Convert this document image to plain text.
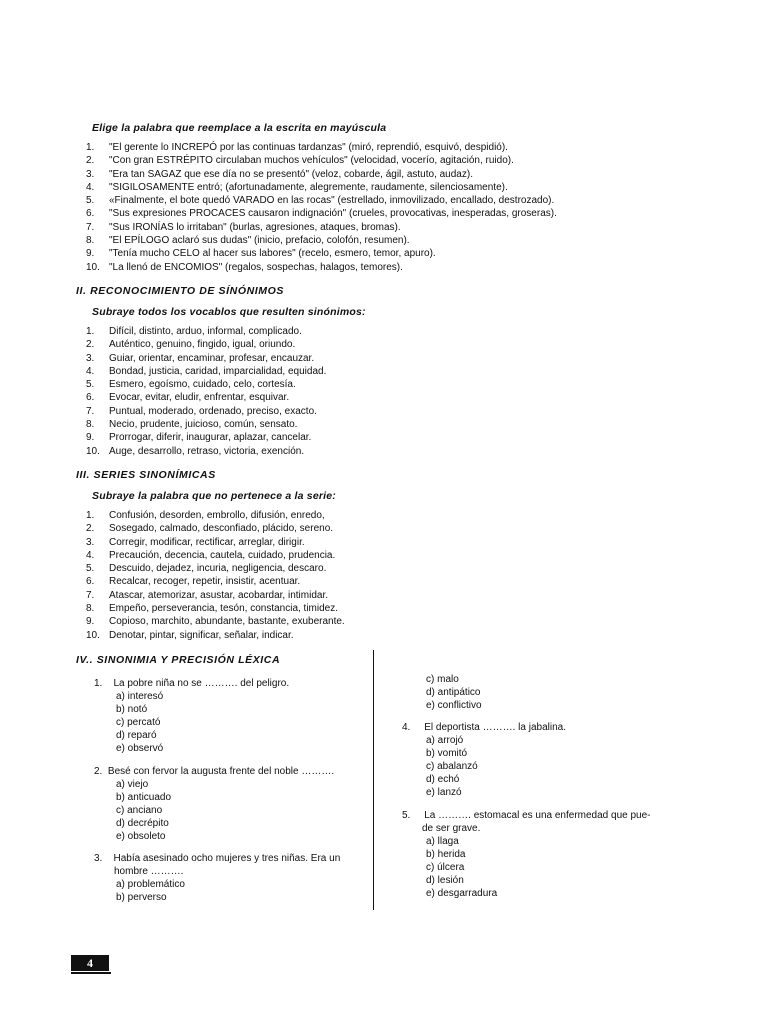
Elige la palabra que reemplace a la escrita en mayúscula
1.	"El gerente lo INCREPÓ por las continuas tardanzas" (miró, reprendió, esquivó, despidió).
2.	"Con gran ESTRÉPITO circulaban muchos vehículos" (velocidad, vocerío, agitación, ruido).
3.	"Era tan SAGAZ que ese día no se presentó" (veloz, cobarde, ágil, astuto, audaz).
4.	"SIGILOSAMENTE entró; (afortunadamente, alegremente, raudamente, silenciosamente).
5.	«Finalmente, el bote quedó VARADO en las rocas" (estrellado, inmovilizado, encallado, destrozado).
6.	"Sus expresiones PROCACES causaron indignación" (crueles, provocativas, inesperadas, groseras).
7.	"Sus IRONÍAS lo irritaban" (burlas, agresiones, ataques, bromas).
8.	"El EPÍLOGO aclaró sus dudas" (inicio, prefacio, colofón, resumen).
9.	"Tenía mucho CELO al hacer sus labores" (recelo, esmero, temor, apuro).
10. "La llenó de ENCOMIOS" (regalos, sospechas, halagos, temores).
II. RECONOCIMIENTO DE SÍNÓNIMOS
Subraye todos los vocablos que resulten sinónimos:
1.	Difícil, distinto, arduo, informal, complicado.
2.	Auténtico, genuino, fingido, igual, oriundo.
3.	Guiar, orientar, encaminar, profesar, encauzar.
4.	Bondad, justicia, caridad, imparcialidad, equidad.
5.	Esmero, egoísmo, cuidado, celo, cortesía.
6.	Evocar, evitar, eludir, enfrentar, esquivar.
7.	Puntual, moderado, ordenado, preciso, exacto.
8.	Necio, prudente, juicioso, común, sensato.
9.	Prorrogar, diferir, inaugurar, aplazar, cancelar.
10. Auge, desarrollo, retraso, victoria, exención.
III. SERIES SINONÍMICAS
Subraye la palabra que no pertenece a la serie:
1.	Confusión, desorden, embrollo, difusión, enredo,
2.	Sosegado, calmado, desconfiado, plácido, sereno.
3.	Corregir, modificar, rectificar, arreglar, dirigir.
4.	Precaución, decencia, cautela, cuidado, prudencia.
5.	Descuido, dejadez, incuria, negligencia, descaro.
6.	Recalcar, recoger, repetir, insistir, acentuar.
7.	Atascar, atemorizar, asustar, acobardar, intimidar.
8.	Empeño, perseverancia, tesón, constancia, timidez.
9.	Copioso, marchito, abundante, bastante, exuberante.
10. Denotar, pintar, significar, señalar, indicar.
IV.. SINONIMIA Y PRECISIÓN LÉXICA
1. La pobre niña no se ………. del peligro.
a) interesó
b) notó
c) percató
d) reparó
e) observó
2. Besé con fervor la augusta frente del noble ……….
a) viejo
b) anticuado
c) anciano
d) decrépito
e) obsoleto
3. Había asesinado ocho mujeres y tres niñas. Era un
hombre ……….
a) problemático
b) perverso
c) malo
d) antipático
e) conflictivo
4. El deportista ………. la jabalina.
a) arrojó
b) vomitó
c) abalanzó
d) echó
e) lanzó
5. La ………. estomacal es una enfermedad que pue-
de ser grave.
a) llaga
b) herida
c) úlcera
d) lesión
e) desgarradura
4
